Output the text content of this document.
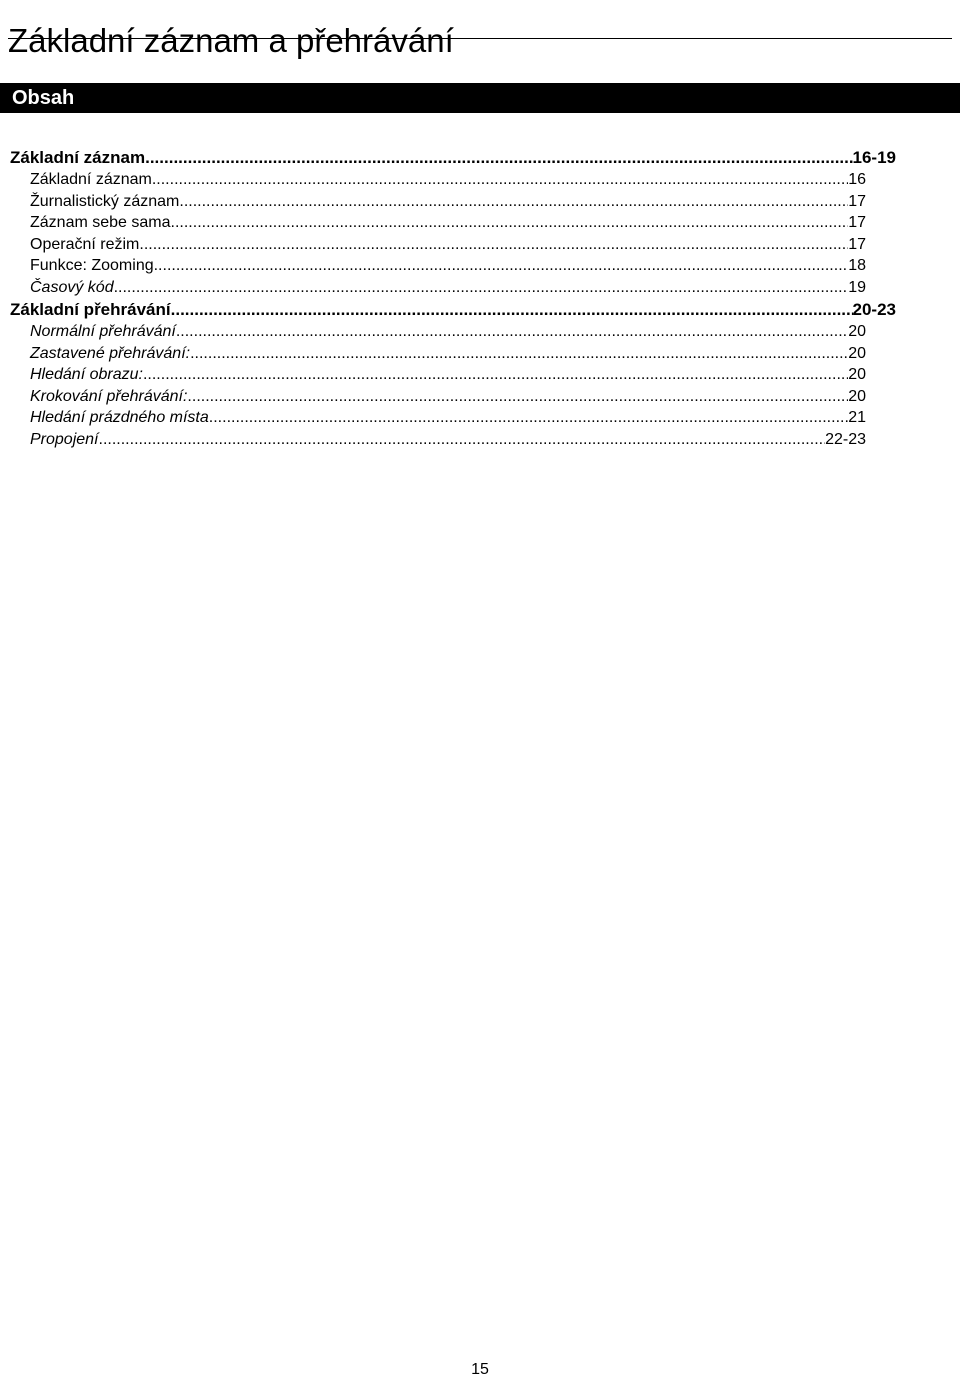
Základní záznam a přehrávání
Obsah
Základní záznam .....	16-19
Základní záznam .....	16
Žurnalistický záznam .....	17
Záznam sebe sama .....	17
Operační režim .....	17
Funkce: Zooming .....	18
Časový kód .....	19
Základní přehrávání .....	20-23
Normální přehrávání .....	20
Zastavené přehrávání: .....	20
Hledání obrazu: .....	20
Krokování přehrávání: .....	20
Hledání prázdného místa .....	21
Propojení .....	22-23
15
